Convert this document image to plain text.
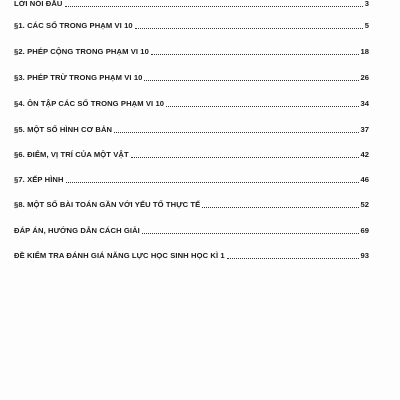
LỜI NÓI ĐẦU	3
§1. CÁC SỐ TRONG PHẠM VI 10	5
§2. PHÉP CỘNG TRONG PHẠM VI 10	18
§3. PHÉP TRỪ TRONG PHẠM VI 10	26
§4. ÔN TẬP CÁC SỐ TRONG PHẠM VI 10	34
§5. MỘT SỐ HÌNH CƠ BẢN	37
§6. ĐIỂM, VỊ TRÍ CỦA MỘT VẬT	42
§7. XẾP HÌNH	46
§8. MỘT SỐ BÀI TOÁN GẦN VỚI YẾU TỐ THỰC TẾ	52
ĐÁP ÁN, HƯỚNG DẪN CÁCH GIẢI	69
ĐỀ KIỂM TRA ĐÁNH GIÁ NĂNG LỰC HỌC SINH HỌC KÌ 1	93
